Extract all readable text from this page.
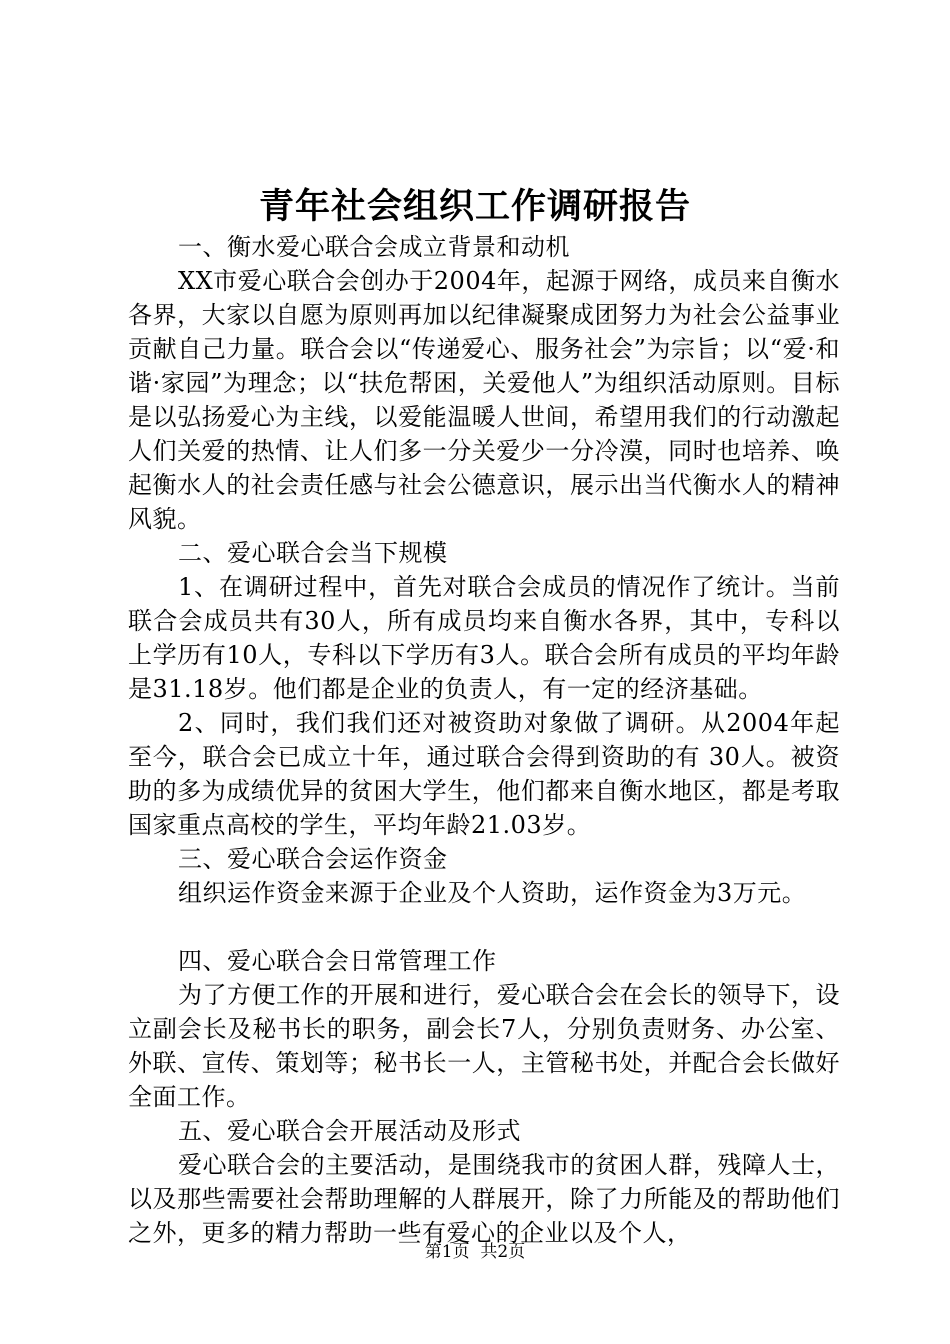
青年社会组织工作调研报告

一、衡水爱心联合会成立背景和动机

XX市爱心联合会创办于2004年，起源于网络，成员来自衡水各界，大家以自愿为原则再加以纪律凝聚成团努力为社会公益事业贡献自己力量。联合会以“传递爱心、服务社会”为宗旨；以“爱·和谐·家园”为理念；以“扶危帮困，关爱他人”为组织活动原则。目标是以弘扬爱心为主线，以爱能温暖人世间，希望用我们的行动激起人们关爱的热情、让人们多一分关爱少一分冷漠，同时也培养、唤起衡水人的社会责任感与社会公德意识，展示出当代衡水人的精神风貌。

二、爱心联合会当下规模

1、在调研过程中，首先对联合会成员的情况作了统计。当前联合会成员共有30人，所有成员均来自衡水各界，其中，专科以上学历有10人，专科以下学历有3人。联合会所有成员的平均年龄是31.18岁。他们都是企业的负责人，有一定的经济基础。

2、同时，我们我们还对被资助对象做了调研。从2004年起至今，联合会已成立十年，通过联合会得到资助的有 30人。被资助的多为成绩优异的贫困大学生，他们都来自衡水地区，都是考取国家重点高校的学生，平均年龄21.03岁。

三、爱心联合会运作资金

组织运作资金来源于企业及个人资助，运作资金为3万元。

四、爱心联合会日常管理工作

为了方便工作的开展和进行，爱心联合会在会长的领导下，设立副会长及秘书长的职务，副会长7人，分别负责财务、办公室、外联、宣传、策划等；秘书长一人，主管秘书处，并配合会长做好全面工作。

五、爱心联合会开展活动及形式

爱心联合会的主要活动，是围绕我市的贫困人群，残障人士，以及那些需要社会帮助理解的人群展开，除了力所能及的帮助他们之外，更多的精力帮助一些有爱心的企业以及个人，

第1页 共2页
